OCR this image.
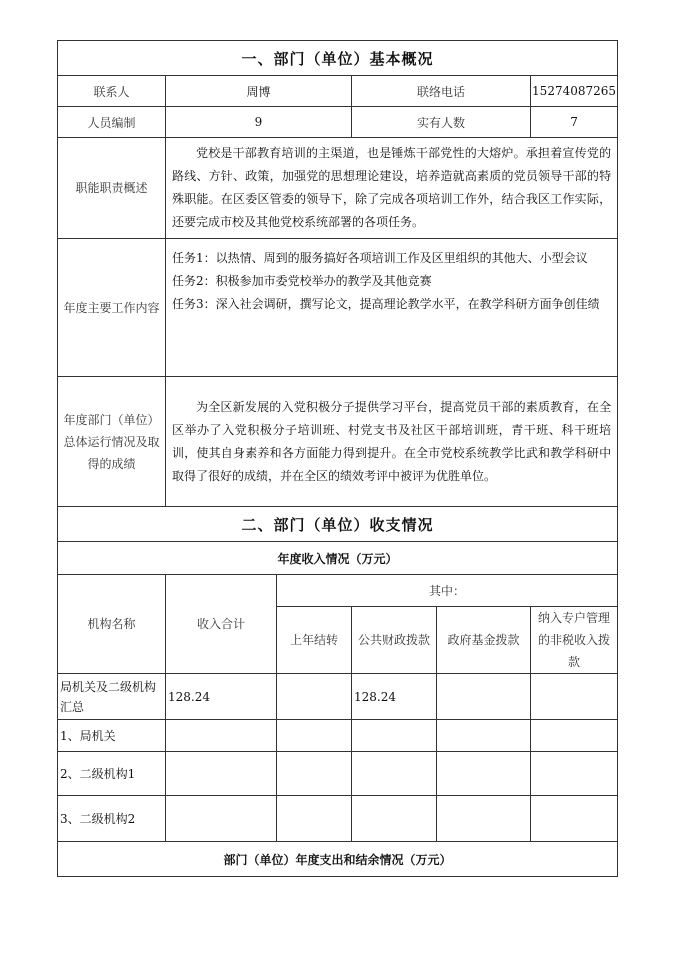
一、部门（单位）基本概况					
联系人	周博		联络电话		15274087265
人员编制	9		实有人数		7
职能职责概述	党校是干部教育培训的主渠道，也是锤炼干部党性的大熔炉。承担着宣传党的路线、方针、政策，加强党的思想理论建设，培养造就高素质的党员领导干部的特殊职能。在区委区管委的领导下，除了完成各项培训工作外，结合我区工作实际，还要完成市校及其他党校系统部署的各项任务。				

年度主要工作内容	任务1：以热情、周到的服务搞好各项培训工作及区里组织的其他大、小型会议
任务2：积极参加市委党校举办的教学及其他竞赛
任务3：深入社会调研，撰写论文，提高理论教学水平，在教学科研方面争创佳绩				

年度部门（单位）总体运行情况及取得的成绩	为全区新发展的入党积极分子提供学习平台，提高党员干部的素质教育，在全区举办了入党积极分子培训班、村党支书及社区干部培训班，青干班、科干班培训，使其自身素养和各方面能力得到提升。在全市党校系统教学比武和教学科研中取得了很好的成绩，并在全区的绩效考评中被评为优胜单位。				

二、部门（单位）收支情况					
年度收入情况（万元）					
机构名称	收入合计	其中：			
		上年结转	公共财政拨款	政府基金拨款	纳入专户管理的非税收入拨款
局机关及二级机构汇总	128.24		128.24		
1、局机关					
2、二级机构1					
3、二级机构2					
部门（单位）年度支出和结余情况（万元）					
